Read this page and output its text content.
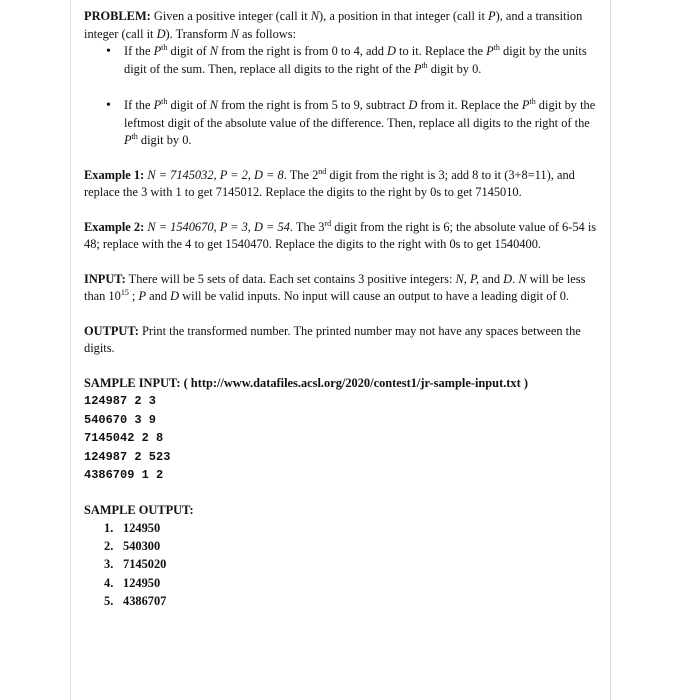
PROBLEM: Given a positive integer (call it N), a position in that integer (call it P), and a transition integer (call it D). Transform N as follows:

• If the $P^{th}$ digit of N from the right is from 0 to 4, add D to it. Replace the $P^{th}$ digit by the units digit of the sum. Then, replace all digits to the right of the $P^{th}$ digit by 0.
• If the $P^{th}$ digit of N from the right is from 5 to 9, subtract D from it. Replace the $P^{th}$ digit by the leftmost digit of the absolute value of the difference. Then, replace all digits to the right of the $P^{th}$ digit by 0.

Example 1: N = 7145032, P = 2, D = 8. The 2nd digit from the right is 3; add 8 to it (3+8=11), and replace the 3 with 1 to get 7145012. Replace the digits to the right by 0s to get 7145010.

Example 2: N = 1540670, P = 3, D = 54. The 3rd digit from the right is 6; the absolute value of 6-54 is 48; replace with the 4 to get 1540470. Replace the digits to the right with 0s to get 1540400.

INPUT: There will be 5 sets of data. Each set contains 3 positive integers: N, P, and D. N will be less than $10^{15}$ ; P and D will be valid inputs. No input will cause an output to have a leading digit of 0.

OUTPUT: Print the transformed number. The printed number may not have any spaces between the digits.

SAMPLE INPUT: ( http://www.datafiles.acsl.org/2020/contest1/jr-sample-input.txt )

124987 2 3
540670 3 9
7145042 2 8
124987 2 523
4386709 1 2

SAMPLE OUTPUT:

1. 124950
2. 540300
3. 7145020
4. 124950
5. 4386707
